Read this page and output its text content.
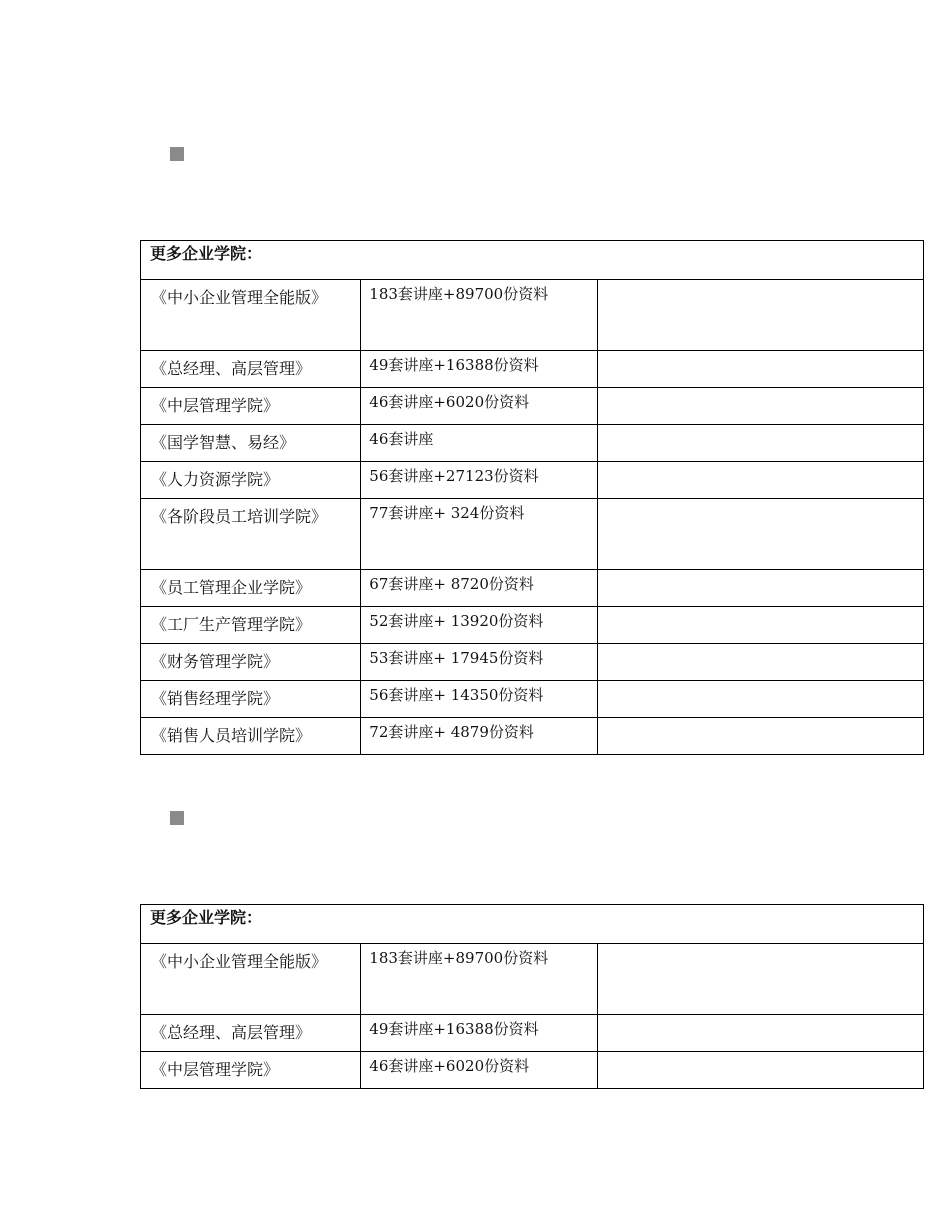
更多企业学院：		
《中小企业管理全能版》	183套讲座+89700份资料	
《总经理、高层管理》	49套讲座+16388份资料	
《中层管理学院》	46套讲座+6020份资料	
《国学智慧、易经》	46套讲座	
《人力资源学院》	56套讲座+27123份资料	
《各阶段员工培训学院》	77套讲座+ 324份资料	
《员工管理企业学院》	67套讲座+ 8720份资料	
《工厂生产管理学院》	52套讲座+ 13920份资料	
《财务管理学院》	53套讲座+ 17945份资料	
《销售经理学院》	56套讲座+ 14350份资料	
《销售人员培训学院》	72套讲座+ 4879份资料	
更多企业学院：		
《中小企业管理全能版》	183套讲座+89700份资料	
《总经理、高层管理》	49套讲座+16388份资料	
《中层管理学院》	46套讲座+6020份资料	
